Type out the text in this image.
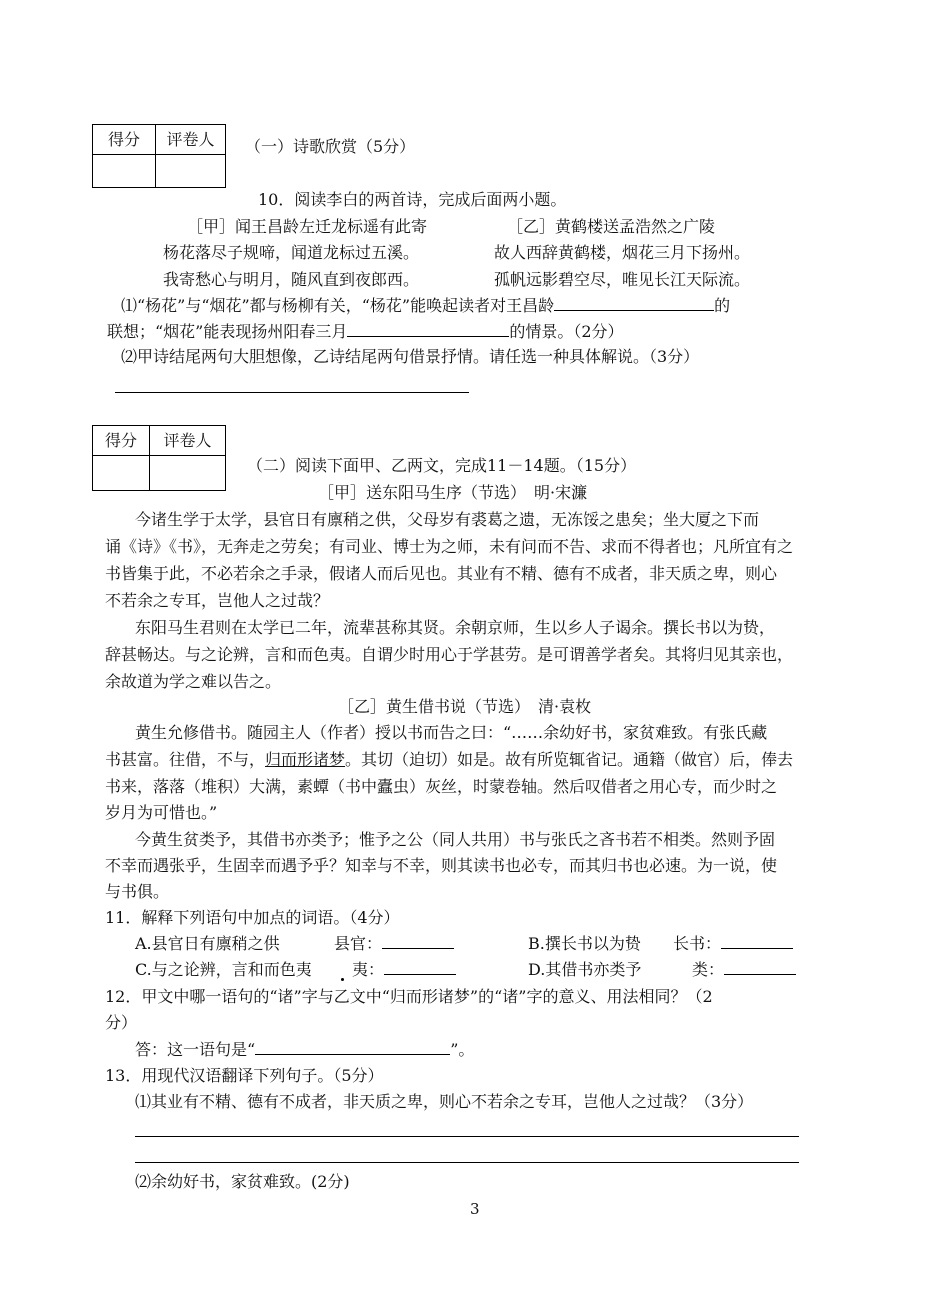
得分	评卷人
	（一）诗歌欣赏（5分）
10．阅读李白的两首诗，完成后面两小题。
［甲］闻王昌龄左迁龙标遥有此寄	［乙］黄鹤楼送孟浩然之广陵
杨花落尽子规啼，闻道龙标过五溪。	故人西辞黄鹤楼，烟花三月下扬州。
我寄愁心与明月，随风直到夜郎西。	孤帆远影碧空尽，唯见长江天际流。
⑴“杨花”与“烟花”都与杨柳有关，“杨花”能唤起读者对王昌龄	的
联想；“烟花”能表现扬州阳春三月	的情景。（2分）
⑵甲诗结尾两句大胆想像，乙诗结尾两句借景抒情。请任选一种具体解说。（3分）
得分	评卷人

（二）阅读下面甲、乙两文，完成11－14题。（15分）
［甲］送东阳马生序（节选）　明·宋濂
今诸生学于太学，县官日有廪稍之供，父母岁有裘葛之遗，无冻馁之患矣；坐大厦之下而
诵《诗》《书》，无奔走之劳矣；有司业、博士为之师，未有问而不告、求而不得者也；凡所宜有之
书皆集于此，不必若余之手录，假诸人而后见也。其业有不精、德有不成者，非天质之卑，则心
不若余之专耳，岂他人之过哉？
东阳马生君则在太学已二年，流辈甚称其贤。余朝京师，生以乡人子谒余。撰长书以为贽，
辞甚畅达。与之论辨，言和而色夷。自谓少时用心于学甚劳。是可谓善学者矣。其将归见其亲也，
余故道为学之难以告之。
［乙］黄生借书说（节选）　清·袁枚
黄生允修借书。随园主人（作者）授以书而告之曰：“……余幼好书，家贫难致。有张氏藏
书甚富。往借，不与，归而形诸梦。其切（迫切）如是。故有所览辄省记。通籍（做官）后，俸去
书来，落落（堆积）大满，素蟫（书中蠹虫）灰丝，时蒙卷轴。然后叹借者之用心专，而少时之
岁月为可惜也。”
今黄生贫类予，其借书亦类予；惟予之公（同人共用）书与张氏之吝书若不相类。然则予固
不幸而遇张乎，生固幸而遇予乎？知幸与不幸，则其读书也必专，而其归书也必速。为一说，使
与书俱。
11．解释下列语句中加点的词语。（4分）
A.县官日有廪稍之供	县官：	B.撰长书以为贽 长书：
C.与之论辨，言和而色夷	夷：	D.其借书亦类予	类：
12．甲文中哪一语句的“诸”字与乙文中“归而形诸梦”的“诸”字的意义、用法相同？（2
分）
答：这一语句是“	”。
13．用现代汉语翻译下列句子。（5分）
⑴其业有不精、德有不成者，非天质之卑，则心不若余之专耳，岂他人之过哉？（3分）
⑵余幼好书，家贫难致。(2分)
3
